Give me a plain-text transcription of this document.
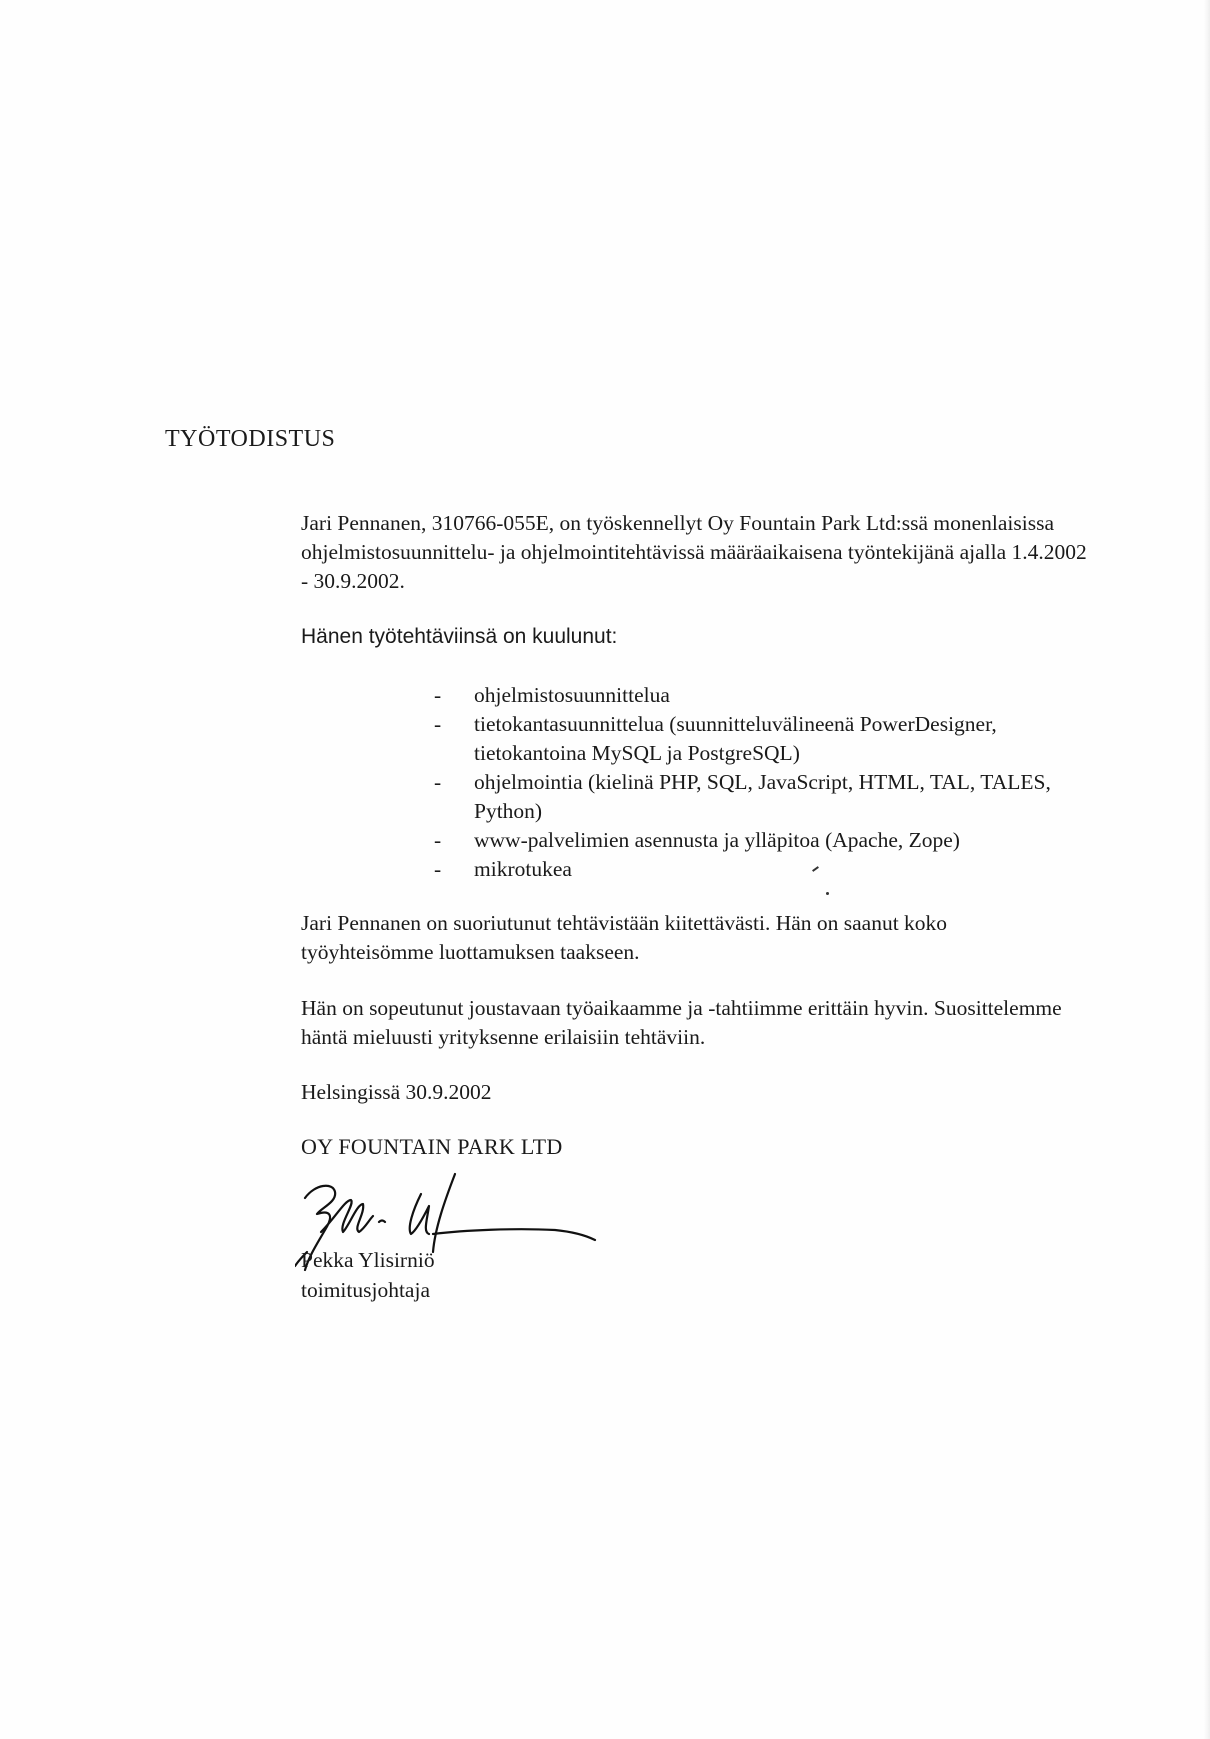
TYÖTODISTUS
Jari Pennanen, 310766-055E, on työskennellyt Oy Fountain Park Ltd:ssä monenlaisissa
ohjelmistosuunnittelu- ja ohjelmointitehtävissä määräaikaisena työntekijänä ajalla 1.4.2002
- 30.9.2002.
Hänen työtehtäviinsä on kuulunut:
- ohjelmistosuunnittelua
- tietokantasuunnittelua (suunnitteluvälineenä PowerDesigner,
tietokantoina MySQL ja PostgreSQL)
- ohjelmointia (kielinä PHP, SQL, JavaScript, HTML, TAL, TALES,
Python)
- www-palvelimien asennusta ja ylläpitoa (Apache, Zope)
- mikrotukea
Jari Pennanen on suoriutunut tehtävistään kiitettävästi. Hän on saanut koko
työyhteisömme luottamuksen taakseen.
Hän on sopeutunut joustavaan työaikaamme ja -tahtiimme erittäin hyvin. Suosittelemme
häntä mieluusti yrityksenne erilaisiin tehtäviin.
Helsingissä 30.9.2002
OY FOUNTAIN PARK LTD
Pekka Ylisirniö
toimitusjohtaja
